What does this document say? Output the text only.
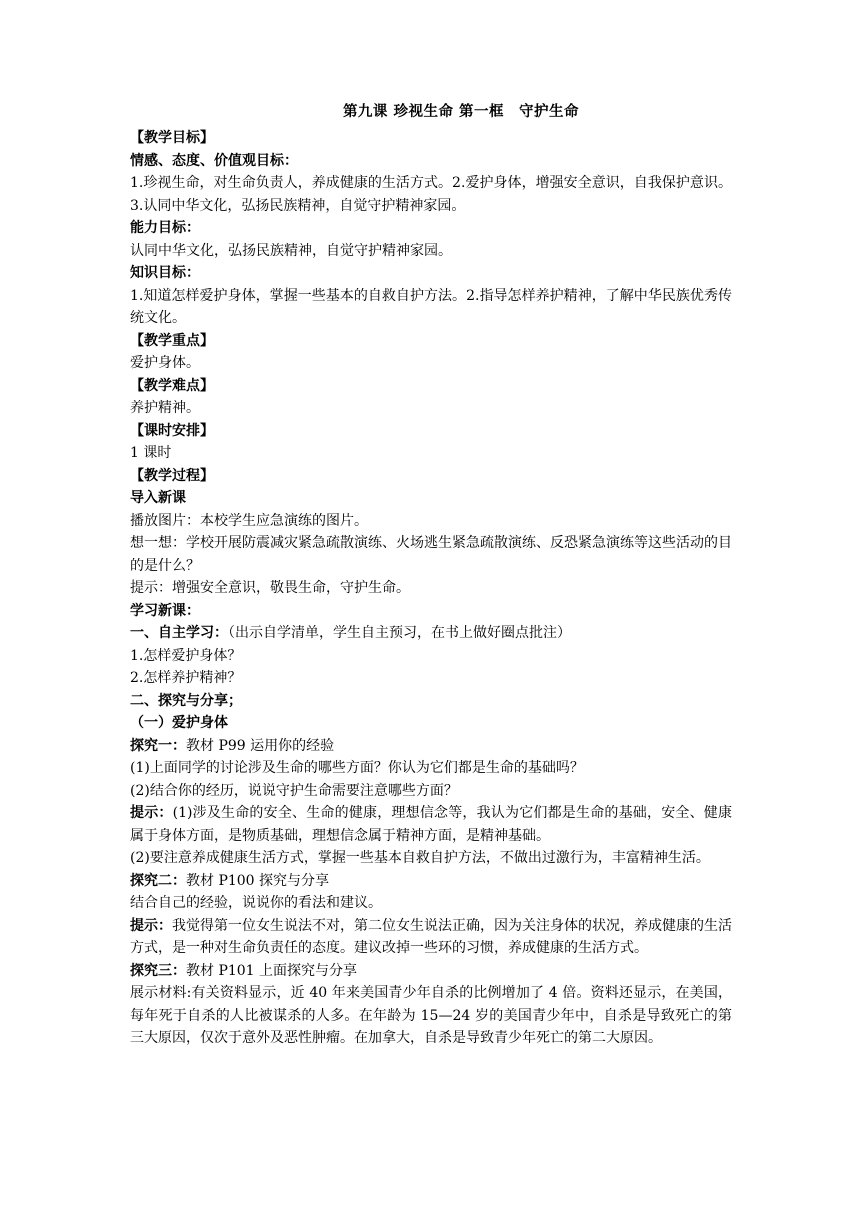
第九课 珍视生命 第一框　守护生命

【教学目标】

情感、态度、价值观目标：

1.珍视生命，对生命负责人，养成健康的生活方式。2.爱护身体，增强安全意识，自我保护意识。3.认同中华文化，弘扬民族精神，自觉守护精神家园。

能力目标：

认同中华文化，弘扬民族精神，自觉守护精神家园。

知识目标：

1.知道怎样爱护身体，掌握一些基本的自救自护方法。2.指导怎样养护精神，了解中华民族优秀传统文化。

【教学重点】

爱护身体。

【教学难点】

养护精神。

【课时安排】

1 课时

【教学过程】

导入新课

播放图片：本校学生应急演练的图片。

想一想：学校开展防震减灾紧急疏散演练、火场逃生紧急疏散演练、反恐紧急演练等这些活动的目的是什么？

提示：增强安全意识，敬畏生命，守护生命。

学习新课：

一、自主学习：（出示自学清单，学生自主预习，在书上做好圈点批注）

1.怎样爱护身体？

2.怎样养护精神？

二、探究与分享；

（一）爱护身体

探究一：教材 P99 运用你的经验

(1)上面同学的讨论涉及生命的哪些方面？你认为它们都是生命的基础吗？

(2)结合你的经历，说说守护生命需要注意哪些方面？

提示：(1)涉及生命的安全、生命的健康，理想信念等，我认为它们都是生命的基础，安全、健康属于身体方面，是物质基础，理想信念属于精神方面，是精神基础。

(2)要注意养成健康生活方式，掌握一些基本自救自护方法，不做出过激行为，丰富精神生活。

探究二：教材 P100 探究与分享

结合自己的经验，说说你的看法和建议。

提示：我觉得第一位女生说法不对，第二位女生说法正确，因为关注身体的状况，养成健康的生活方式，是一种对生命负责任的态度。建议改掉一些环的习惯，养成健康的生活方式。

探究三：教材 P101 上面探究与分享

展示材料:有关资料显示，近 40 年来美国青少年自杀的比例增加了 4 倍。资料还显示，在美国，每年死于自杀的人比被谋杀的人多。在年龄为 15—24 岁的美国青少年中，自杀是导致死亡的第三大原因，仅次于意外及恶性肿瘤。在加拿大，自杀是导致青少年死亡的第二大原因。
